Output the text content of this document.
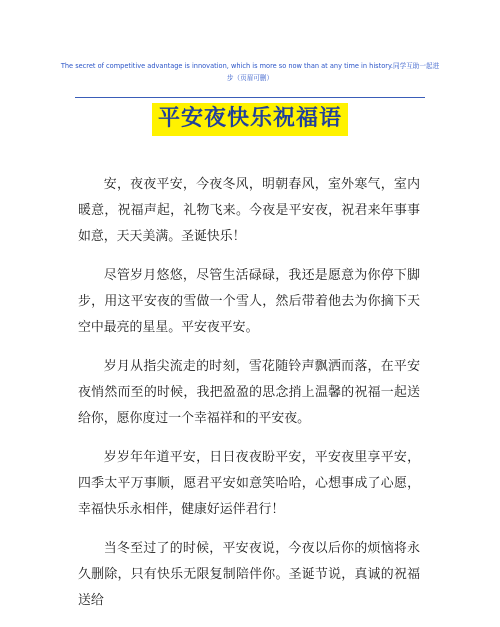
The secret of competitive advantage is innovation, which is more so now than at any time in history.同学互助一起进步（页眉可删）
平安夜快乐祝福语

安，夜夜平安，今夜冬风，明朝春风，室外寒气，室内暖意，祝福声起，礼物飞来。今夜是平安夜，祝君来年事事如意，天天美满。圣诞快乐！

尽管岁月悠悠，尽管生活碌碌，我还是愿意为你停下脚步，用这平安夜的雪做一个雪人，然后带着他去为你摘下天空中最亮的星星。平安夜平安。

岁月从指尖流走的时刻，雪花随铃声飘洒而落，在平安夜悄然而至的时候，我把盈盈的思念捎上温馨的祝福一起送给你，愿你度过一个幸福祥和的平安夜。

岁岁年年道平安，日日夜夜盼平安，平安夜里享平安，四季太平万事顺，愿君平安如意笑哈哈，心想事成了心愿，幸福快乐永相伴，健康好运伴君行！

当冬至过了的时候，平安夜说，今夜以后你的烦恼将永久删除，只有快乐无限复制陪伴你。圣诞节说，真诚的祝福送给
